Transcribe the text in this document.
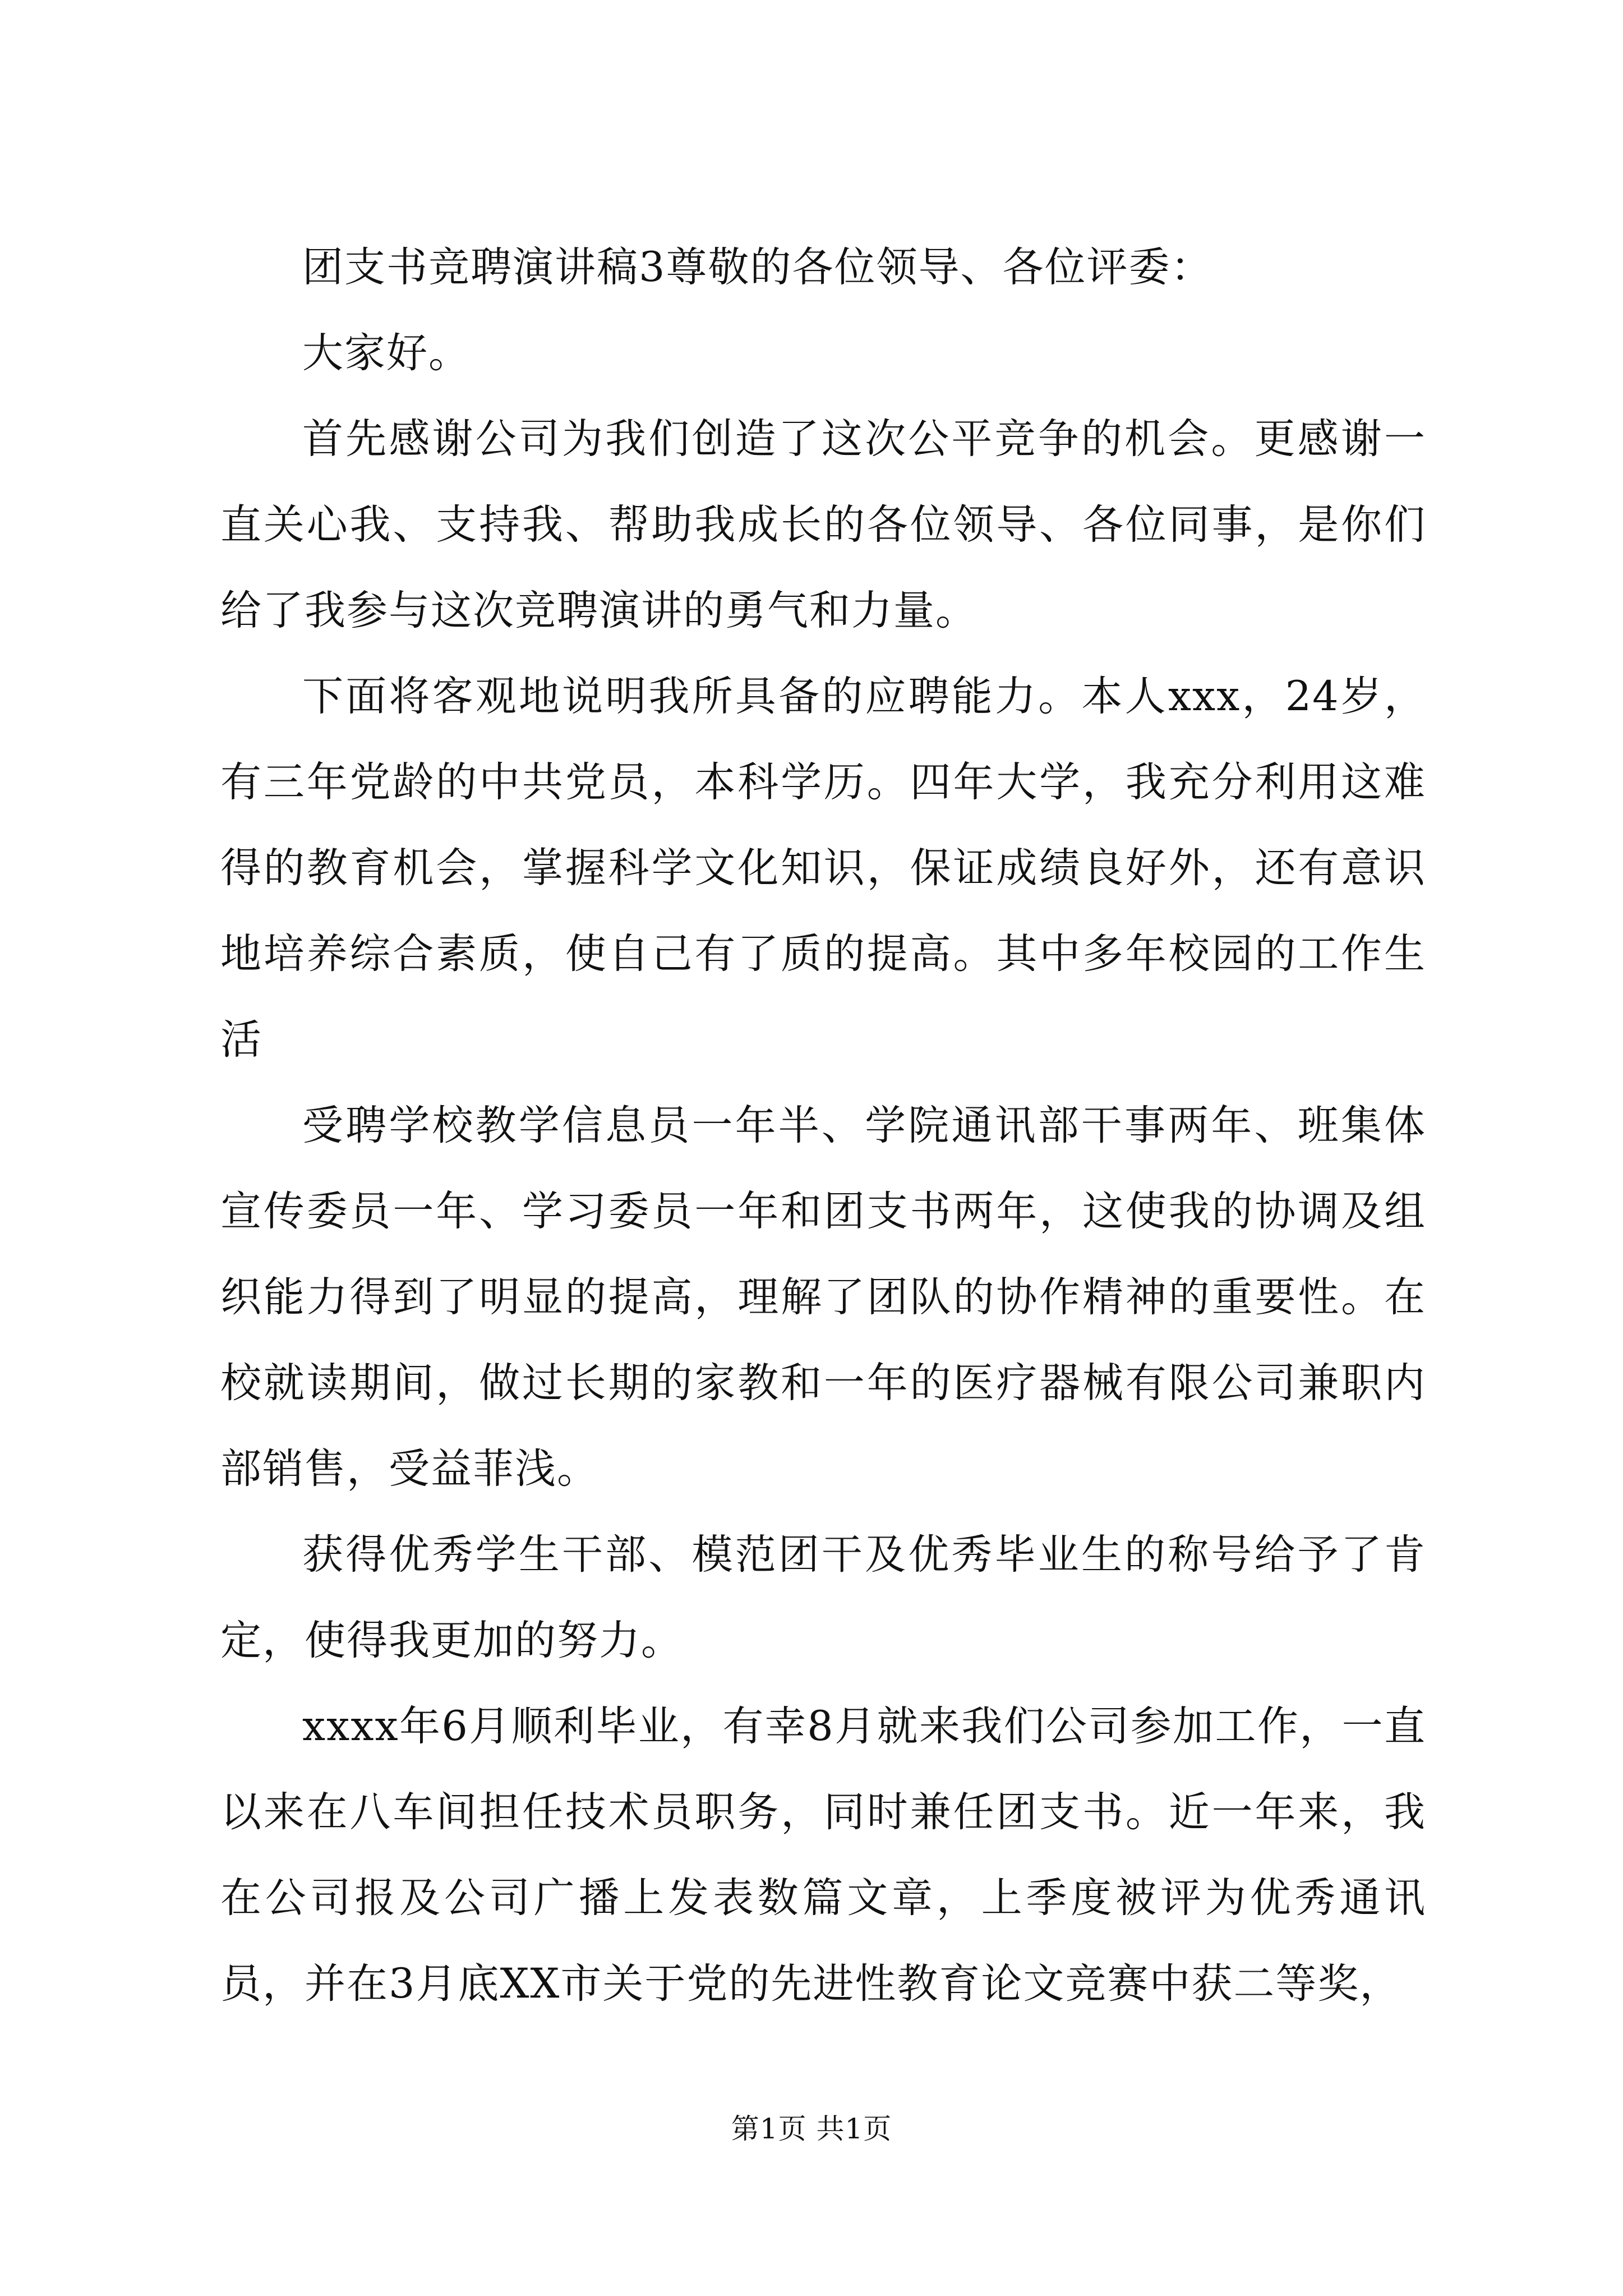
团支书竞聘演讲稿3尊敬的各位领导、各位评委：

大家好。

首先感谢公司为我们创造了这次公平竞争的机会。更感谢一直关心我、支持我、帮助我成长的各位领导、各位同事，是你们给了我参与这次竞聘演讲的勇气和力量。

下面将客观地说明我所具备的应聘能力。本人xxx，24岁，有三年党龄的中共党员，本科学历。四年大学，我充分利用这难得的教育机会，掌握科学文化知识，保证成绩良好外，还有意识地培养综合素质，使自己有了质的提高。其中多年校园的工作生活

受聘学校教学信息员一年半、学院通讯部干事两年、班集体宣传委员一年、学习委员一年和团支书两年，这使我的协调及组织能力得到了明显的提高，理解了团队的协作精神的重要性。在校就读期间，做过长期的家教和一年的医疗器械有限公司兼职内部销售，受益菲浅。

获得优秀学生干部、模范团干及优秀毕业生的称号给予了肯定，使得我更加的努力。

xxxx年6月顺利毕业，有幸8月就来我们公司参加工作，一直以来在八车间担任技术员职务，同时兼任团支书。近一年来，我在公司报及公司广播上发表数篇文章，上季度被评为优秀通讯员，并在3月底XX市关于党的先进性教育论文竞赛中获二等奖，

第1页 共1页
